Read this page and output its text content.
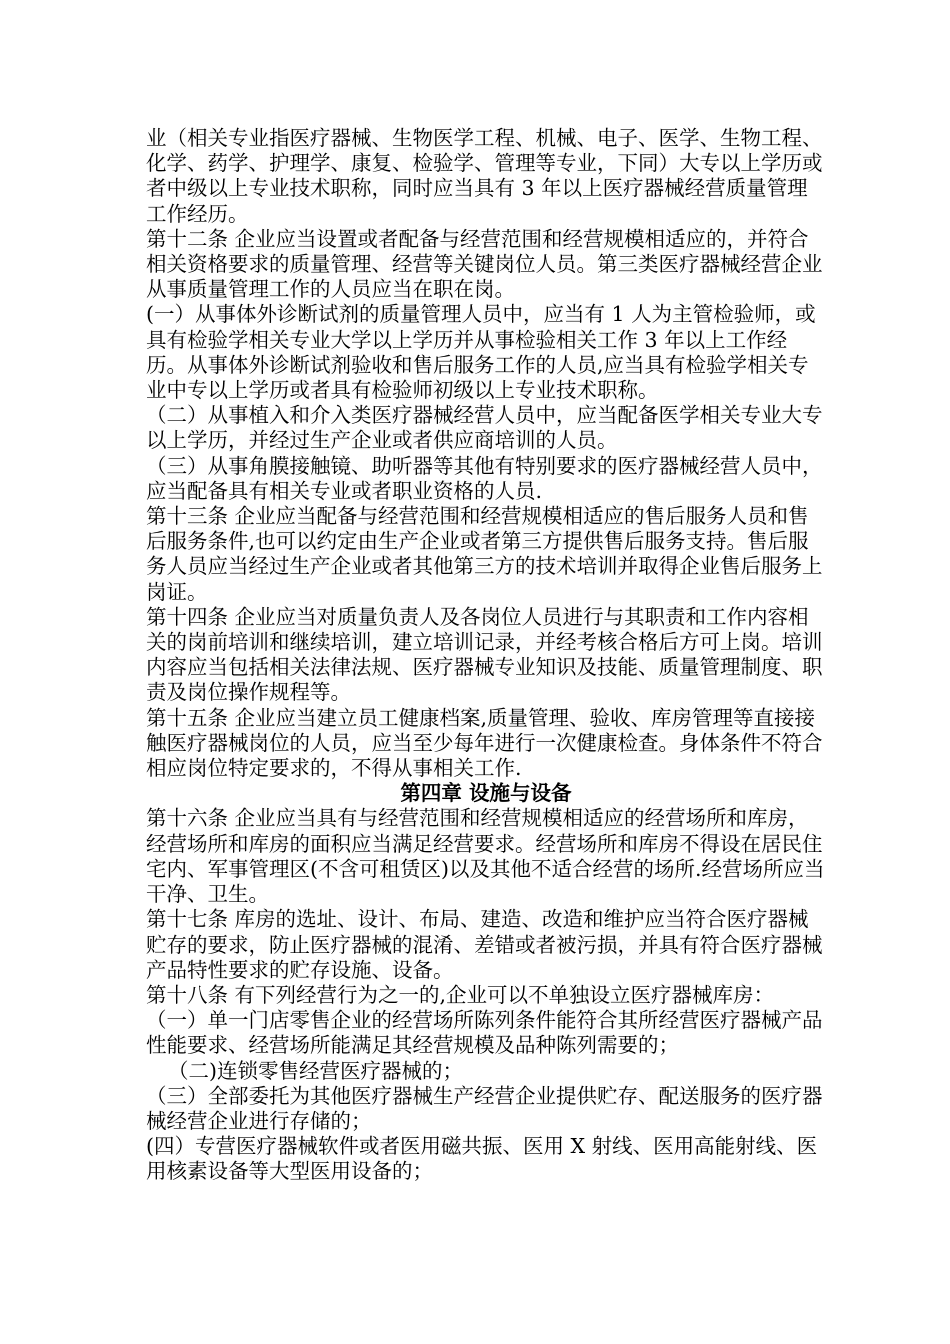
业（相关专业指医疗器械、生物医学工程、机械、电子、医学、生物工程、化学、药学、护理学、康复、检验学、管理等专业，下同）大专以上学历或者中级以上专业技术职称，同时应当具有 3 年以上医疗器械经营质量管理工作经历。

第十二条 企业应当设置或者配备与经营范围和经营规模相适应的，并符合相关资格要求的质量管理、经营等关键岗位人员。第三类医疗器械经营企业从事质量管理工作的人员应当在职在岗。

(一）从事体外诊断试剂的质量管理人员中，应当有 1 人为主管检验师，或具有检验学相关专业大学以上学历并从事检验相关工作 3 年以上工作经历。从事体外诊断试剂验收和售后服务工作的人员,应当具有检验学相关专业中专以上学历或者具有检验师初级以上专业技术职称。

（二）从事植入和介入类医疗器械经营人员中，应当配备医学相关专业大专以上学历，并经过生产企业或者供应商培训的人员。

（三）从事角膜接触镜、助听器等其他有特别要求的医疗器械经营人员中，应当配备具有相关专业或者职业资格的人员.

第十三条 企业应当配备与经营范围和经营规模相适应的售后服务人员和售后服务条件,也可以约定由生产企业或者第三方提供售后服务支持。售后服务人员应当经过生产企业或者其他第三方的技术培训并取得企业售后服务上岗证。

第十四条 企业应当对质量负责人及各岗位人员进行与其职责和工作内容相关的岗前培训和继续培训，建立培训记录，并经考核合格后方可上岗。培训内容应当包括相关法律法规、医疗器械专业知识及技能、质量管理制度、职责及岗位操作规程等。

第十五条 企业应当建立员工健康档案,质量管理、验收、库房管理等直接接触医疗器械岗位的人员，应当至少每年进行一次健康检查。身体条件不符合相应岗位特定要求的，不得从事相关工作.

第四章 设施与设备

第十六条 企业应当具有与经营范围和经营规模相适应的经营场所和库房，经营场所和库房的面积应当满足经营要求。经营场所和库房不得设在居民住宅内、军事管理区(不含可租赁区)以及其他不适合经营的场所.经营场所应当干净、卫生。

第十七条 库房的选址、设计、布局、建造、改造和维护应当符合医疗器械贮存的要求，防止医疗器械的混淆、差错或者被污损，并具有符合医疗器械产品特性要求的贮存设施、设备。

第十八条 有下列经营行为之一的,企业可以不单独设立医疗器械库房：

（一）单一门店零售企业的经营场所陈列条件能符合其所经营医疗器械产品性能要求、经营场所能满足其经营规模及品种陈列需要的；

（二)连锁零售经营医疗器械的；

（三）全部委托为其他医疗器械生产经营企业提供贮存、配送服务的医疗器械经营企业进行存储的；

(四）专营医疗器械软件或者医用磁共振、医用 X 射线、医用高能射线、医用核素设备等大型医用设备的；
